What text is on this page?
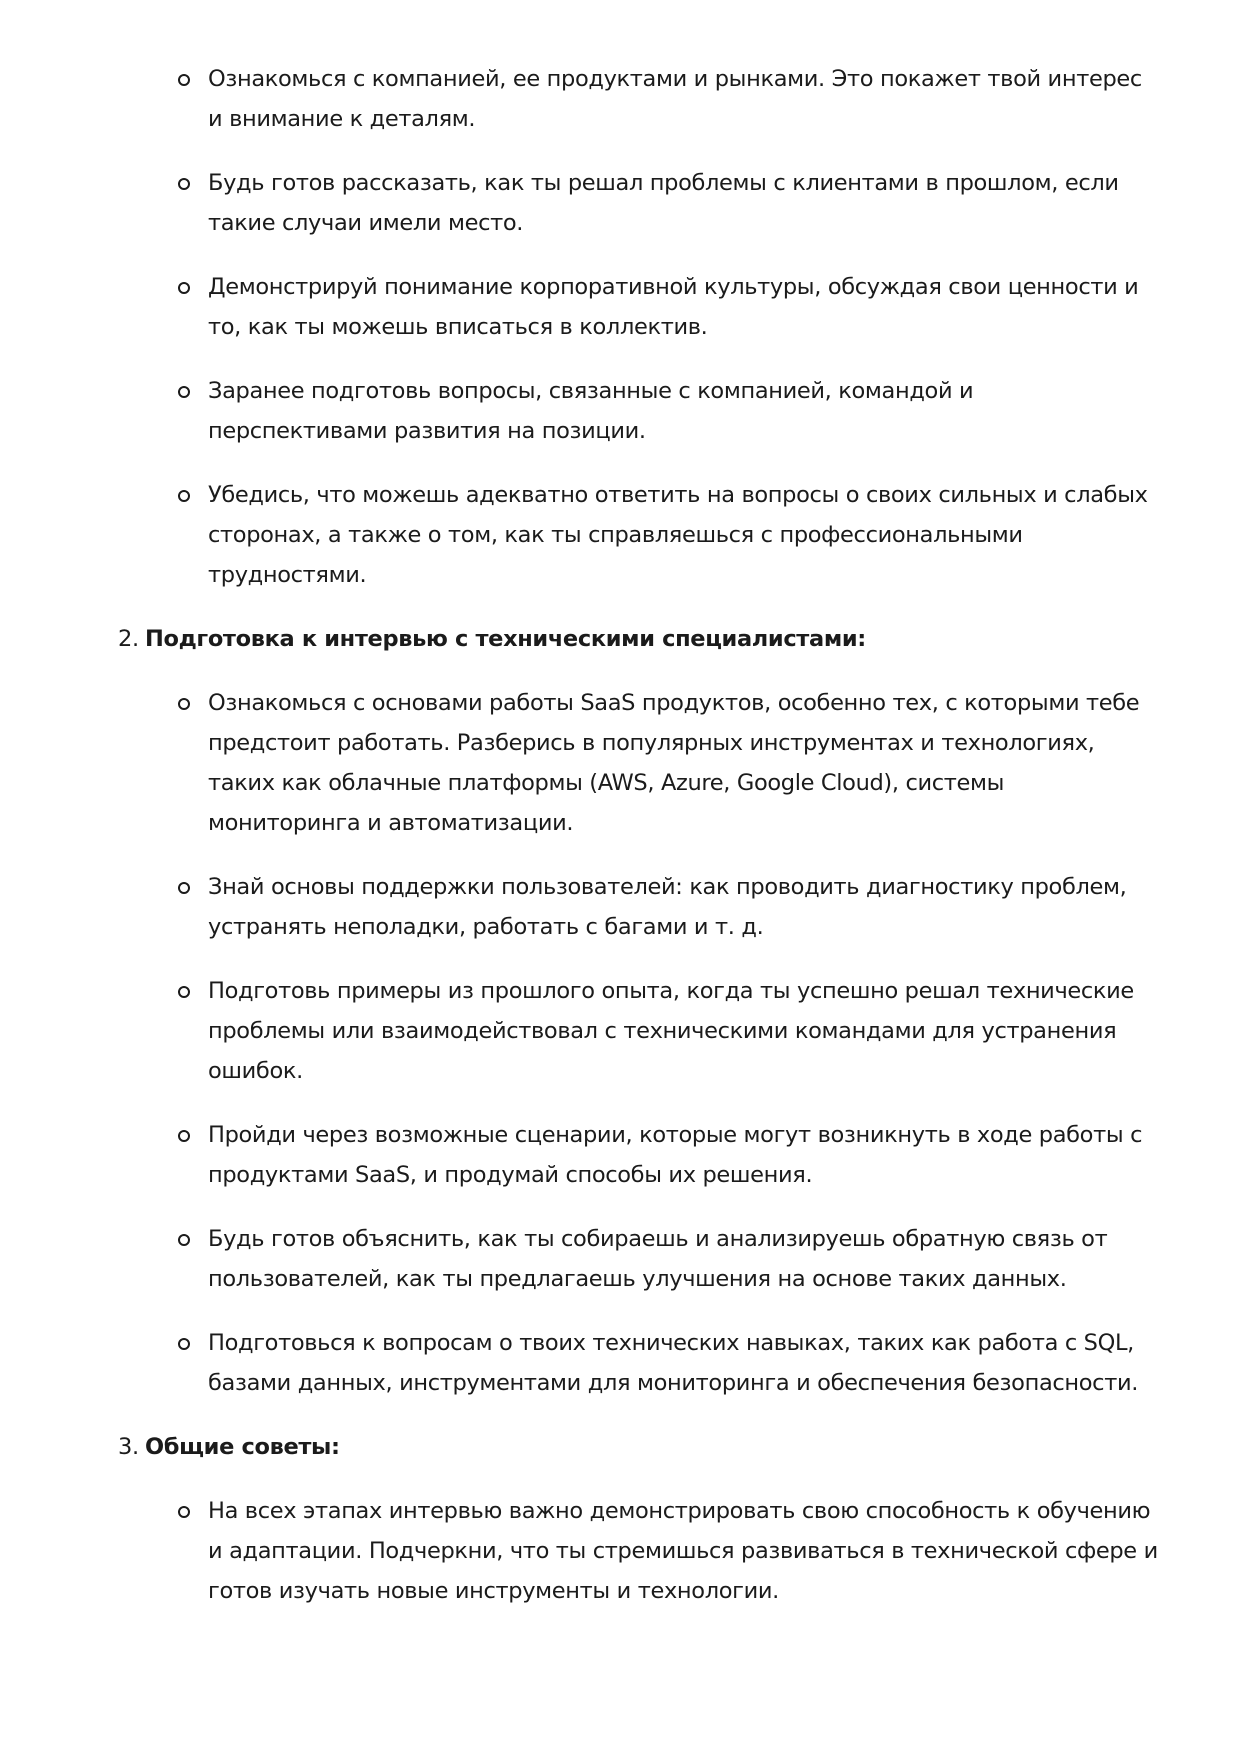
Ознакомься с компанией, ее продуктами и рынками. Это покажет твой интерес и вниманиe к деталям.
Будь готов рассказать, как ты решал проблемы с клиентами в прошлом, если такие случаи имели место.
Демонстрируй понимание корпоративной культуры, обсуждая свои ценности и то, как ты можешь вписаться в коллектив.
Заранее подготовь вопросы, связанные с компанией, командой и перспективами развития на позиции.
Убедись, что можешь адекватно ответить на вопросы о своих сильных и слабых сторонах, а также о том, как ты справляешься с профессиональными трудностями.
2. Подготовка к интервью с техническими специалистами:
Ознакомься с основами работы SaaS продуктов, особенно тех, с которыми тебе предстоит работать. Разберись в популярных инструментах и технологиях, таких как облачные платформы (AWS, Azure, Google Cloud), системы мониторинга и автоматизации.
Знай основы поддержки пользователей: как проводить диагностику проблем, устранять неполадки, работать с багами и т. д.
Подготовь примеры из прошлого опыта, когда ты успешно решал технические проблемы или взаимодействовал с техническими командами для устранения ошибок.
Пройди через возможные сценарии, которые могут возникнуть в ходе работы с продуктами SaaS, и продумай способы их решения.
Будь готов объяснить, как ты собираешь и анализируешь обратную связь от пользователей, как ты предлагаешь улучшения на основе таких данных.
Подготовься к вопросам о твоих технических навыках, таких как работа с SQL, базами данных, инструментами для мониторинга и обеспечения безопасности.
3. Общие советы:
На всех этапах интервью важно демонстрировать свою способность к обучению и адаптации. Подчеркни, что ты стремишься развиваться в технической сфере и готов изучать новые инструменты и технологии.
